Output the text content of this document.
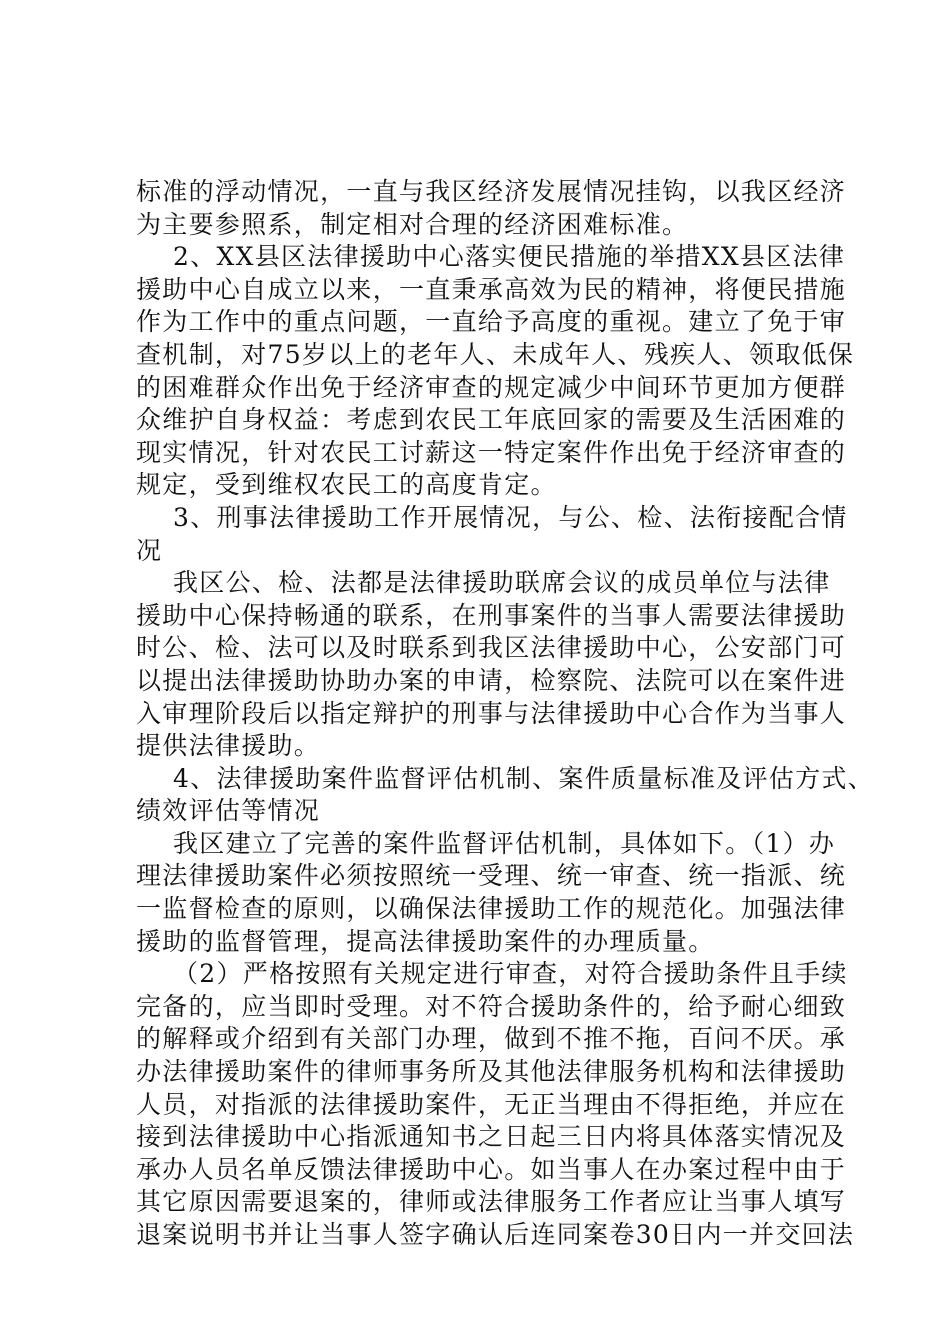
标准的浮动情况，一直与我区经济发展情况挂钩，以我区经济
为主要参照系，制定相对合理的经济困难标准。
2、XX县区法律援助中心落实便民措施的举措XX县区法律
援助中心自成立以来，一直秉承高效为民的精神，将便民措施
作为工作中的重点问题，一直给予高度的重视。建立了免于审
查机制，对75岁以上的老年人、未成年人、残疾人、领取低保
的困难群众作出免于经济审查的规定减少中间环节更加方便群
众维护自身权益：考虑到农民工年底回家的需要及生活困难的
现实情况，针对农民工讨薪这一特定案件作出免于经济审查的
规定，受到维权农民工的高度肯定。
3、刑事法律援助工作开展情况，与公、检、法衔接配合情
况
我区公、检、法都是法律援助联席会议的成员单位与法律
援助中心保持畅通的联系，在刑事案件的当事人需要法律援助
时公、检、法可以及时联系到我区法律援助中心，公安部门可
以提出法律援助协助办案的申请，检察院、法院可以在案件进
入审理阶段后以指定辩护的刑事与法律援助中心合作为当事人
提供法律援助。
4、法律援助案件监督评估机制、案件质量标准及评估方式、
绩效评估等情况
我区建立了完善的案件监督评估机制，具体如下。（1）办
理法律援助案件必须按照统一受理、统一审查、统一指派、统
一监督检查的原则，以确保法律援助工作的规范化。加强法律
援助的监督管理，提高法律援助案件的办理质量。
（2）严格按照有关规定进行审查，对符合援助条件且手续
完备的，应当即时受理。对不符合援助条件的，给予耐心细致
的解释或介绍到有关部门办理，做到不推不拖，百问不厌。承
办法律援助案件的律师事务所及其他法律服务机构和法律援助
人员，对指派的法律援助案件，无正当理由不得拒绝，并应在
接到法律援助中心指派通知书之日起三日内将具体落实情况及
承办人员名单反馈法律援助中心。如当事人在办案过程中由于
其它原因需要退案的，律师或法律服务工作者应让当事人填写
退案说明书并让当事人签字确认后连同案卷30日内一并交回法
